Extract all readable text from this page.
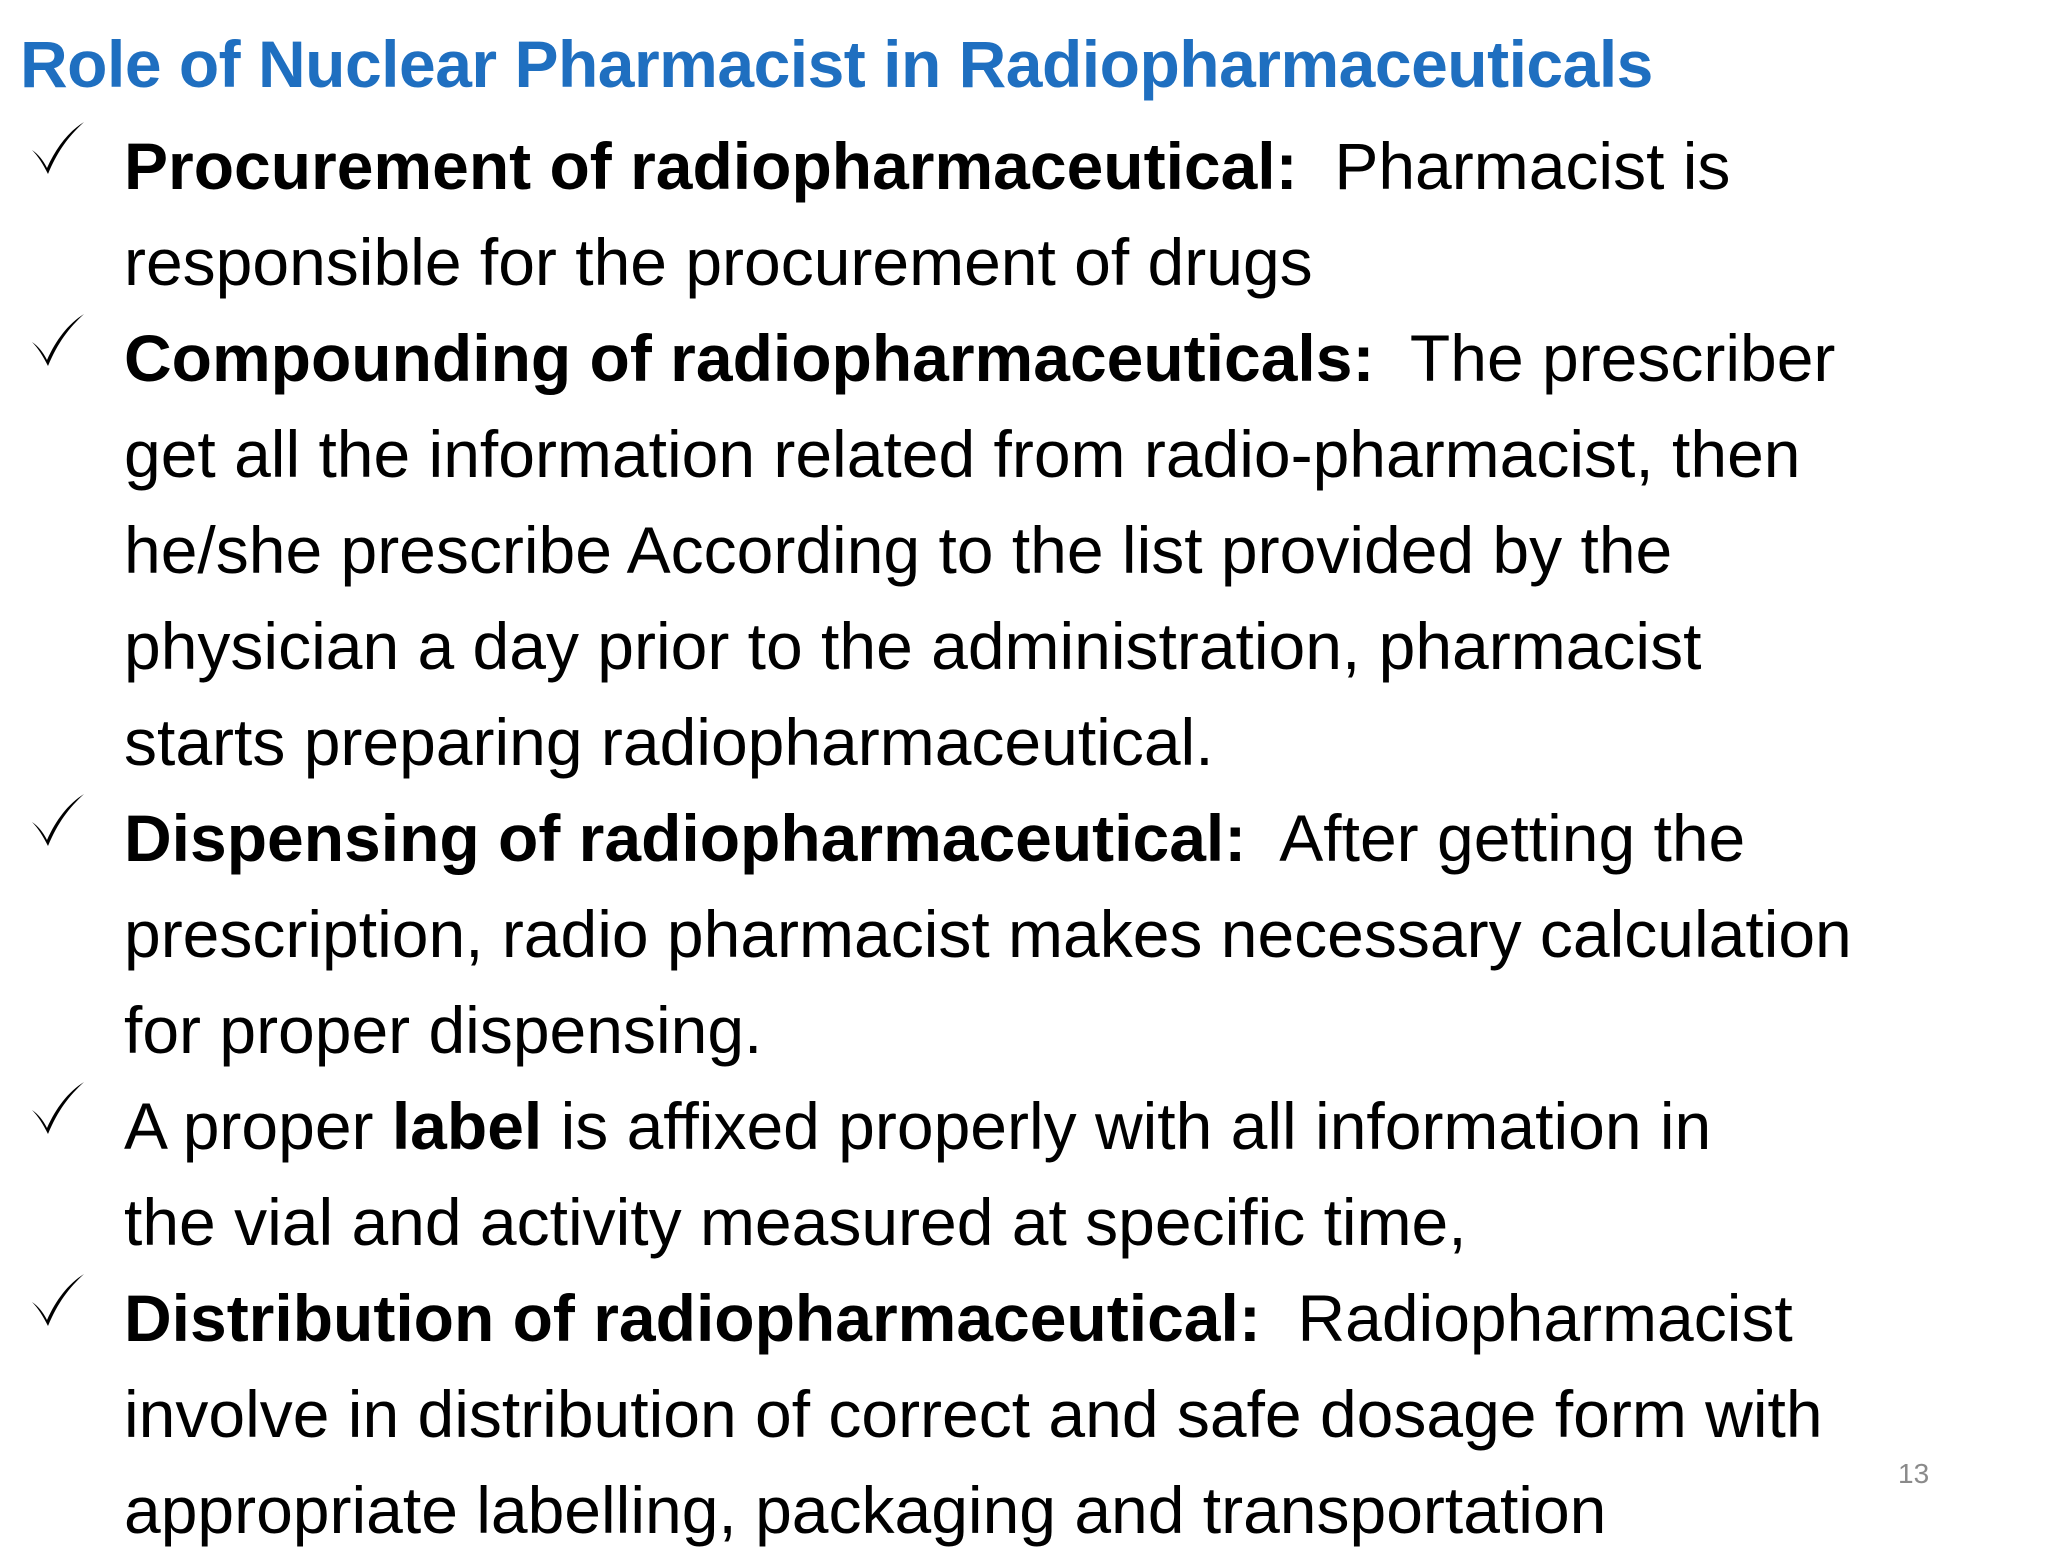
Role of Nuclear Pharmacist in Radiopharmaceuticals
Procurement of radiopharmaceutical:  Pharmacist is
responsible for the procurement of drugs
Compounding of radiopharmaceuticals:  The prescriber
get all the information related from radio-pharmacist, then
he/she prescribe According to the list provided by the
physician a day prior to the administration, pharmacist
starts preparing radiopharmaceutical.
Dispensing of radiopharmaceutical:  After getting the
prescription, radio pharmacist makes necessary calculation
for proper dispensing.
A proper label is affixed properly with all information in
the vial and activity measured at specific time,
Distribution of radiopharmaceutical:  Radiopharmacist
involve in distribution of correct and safe dosage form with
appropriate labelling, packaging and transportation	13
